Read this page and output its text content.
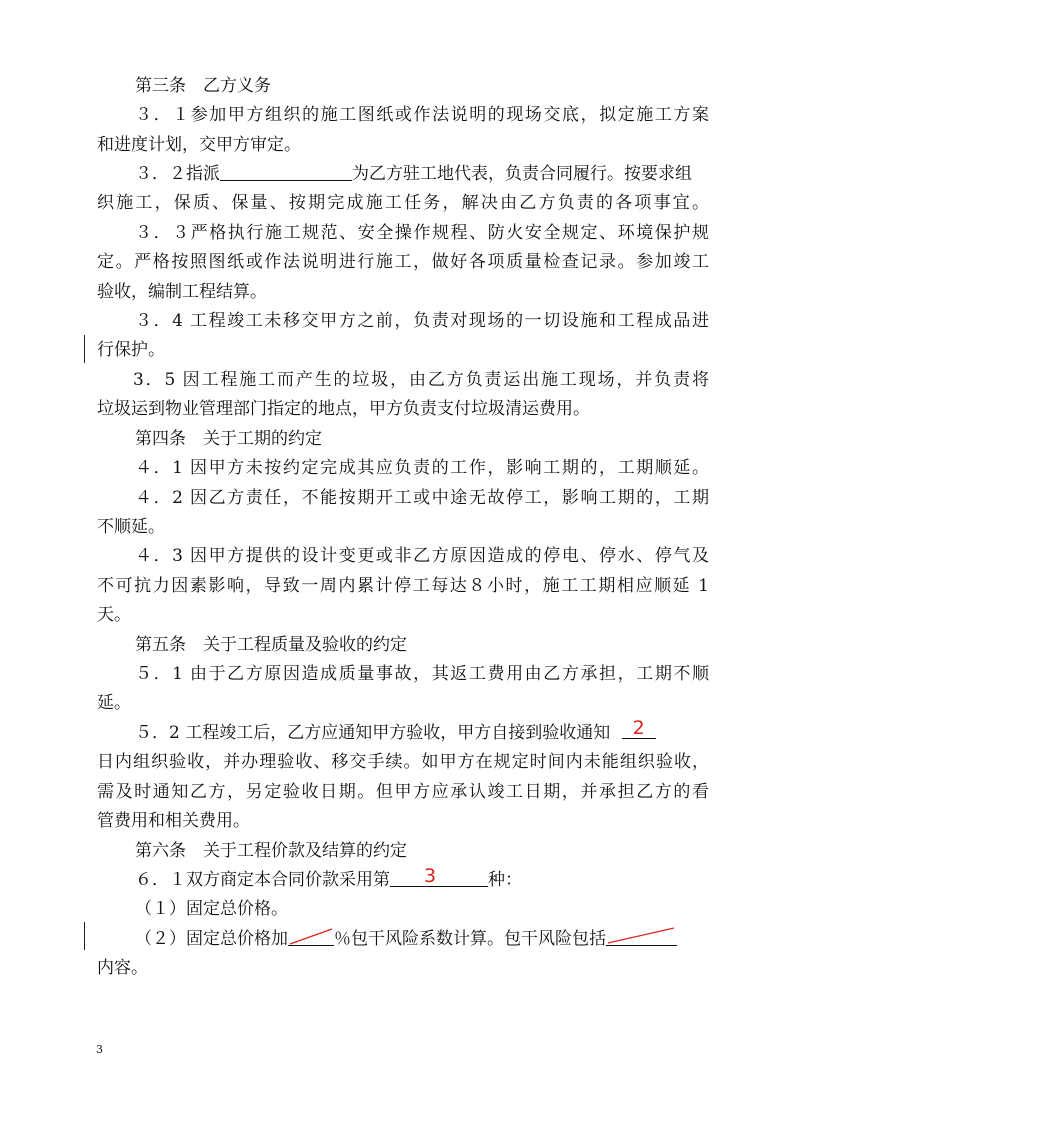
第三条　乙方义务
３．１参加甲方组织的施工图纸或作法说明的现场交底，拟定施工方案
和进度计划，交甲方审定。
３．２指派	为乙方驻工地代表，负责合同履行。按要求组
织施工，保质、保量、按期完成施工任务，解决由乙方负责的各项事宜。
３．３严格执行施工规范、安全操作规程、防火安全规定、环境保护规
定。严格按照图纸或作法说明进行施工，做好各项质量检查记录。参加竣工
验收，编制工程结算。
３．4 工程竣工未移交甲方之前，负责对现场的一切设施和工程成品进
行保护。
3．5 因工程施工而产生的垃圾，由乙方负责运出施工现场，并负责将
垃圾运到物业管理部门指定的地点，甲方负责支付垃圾清运费用。
第四条　关于工期的约定
４．1 因甲方未按约定完成其应负责的工作，影响工期的，工期顺延。
４．2 因乙方责任，不能按期开工或中途无故停工，影响工期的，工期
不顺延。
４．3 因甲方提供的设计变更或非乙方原因造成的停电、停水、停气及
不可抗力因素影响，导致一周内累计停工每达８小时，施工工期相应顺延 1
天。
第五条　关于工程质量及验收的约定
５．1 由于乙方原因造成质量事故，其返工费用由乙方承担，工期不顺
延。
５．2 工程竣工后，乙方应通知甲方验收，甲方自接到验收通知 2
日内组织验收，并办理验收、移交手续。如甲方在规定时间内未能组织验收，
需及时通知乙方，另定验收日期。但甲方应承认竣工日期，并承担乙方的看
管费用和相关费用。
第六条　关于工程价款及结算的约定
６．１双方商定本合同价款采用第 3	种：
（１）固定总价格。
（２）固定总价格加	％包干风险系数计算。包干风险包括
内容。
3
